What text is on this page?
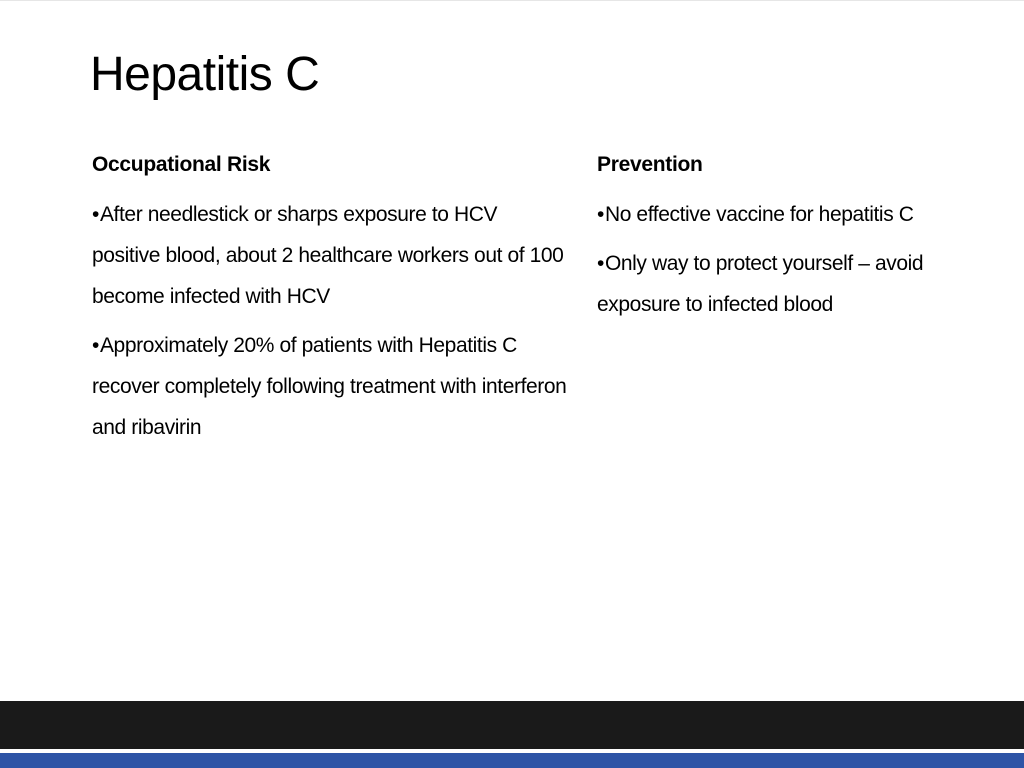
Hepatitis C
Occupational Risk
•After needlestick or sharps exposure to HCV positive blood, about 2 healthcare workers out of 100 become infected with HCV
•Approximately 20% of patients with Hepatitis C recover completely following treatment with interferon and ribavirin
Prevention
•No effective vaccine for hepatitis C
•Only way to protect yourself – avoid exposure to infected blood
